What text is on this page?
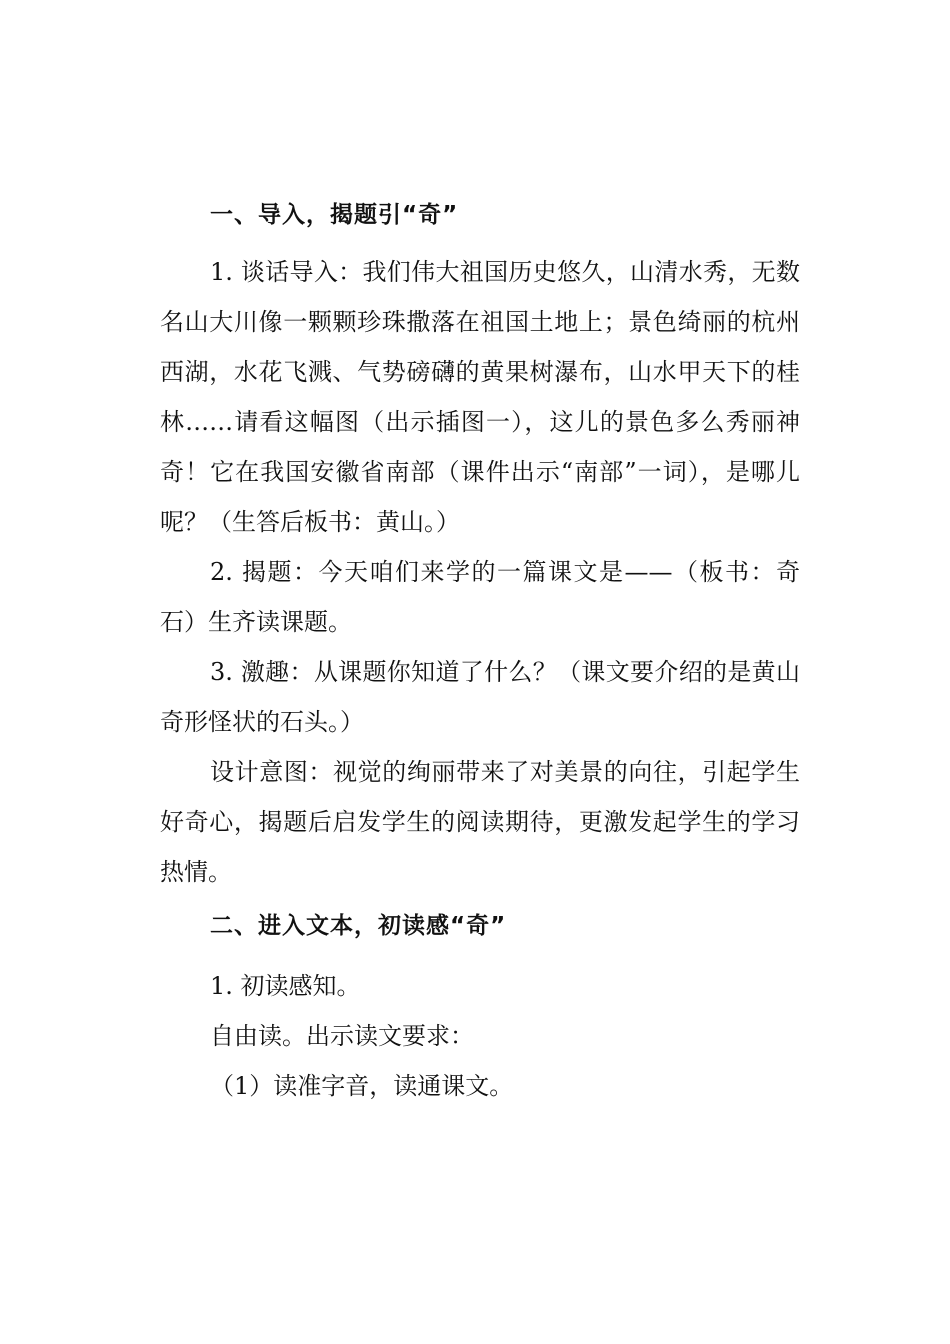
一、导入，揭题引“奇”

1. 谈话导入：我们伟大祖国历史悠久，山清水秀，无数名山大川像一颗颗珍珠撒落在祖国土地上；景色绮丽的杭州西湖，水花飞溅、气势磅礴的黄果树瀑布，山水甲天下的桂林……请看这幅图（出示插图一），这儿的景色多么秀丽神奇！它在我国安徽省南部（课件出示“南部”一词），是哪儿呢？（生答后板书：黄山。）

2. 揭题：今天咱们来学的一篇课文是——（板书：奇石）生齐读课题。

3. 激趣：从课题你知道了什么？（课文要介绍的是黄山奇形怪状的石头。）

设计意图：视觉的绚丽带来了对美景的向往，引起学生好奇心，揭题后启发学生的阅读期待，更激发起学生的学习热情。

二、进入文本，初读感“奇”

1. 初读感知。

自由读。出示读文要求：

（1）读准字音，读通课文。
